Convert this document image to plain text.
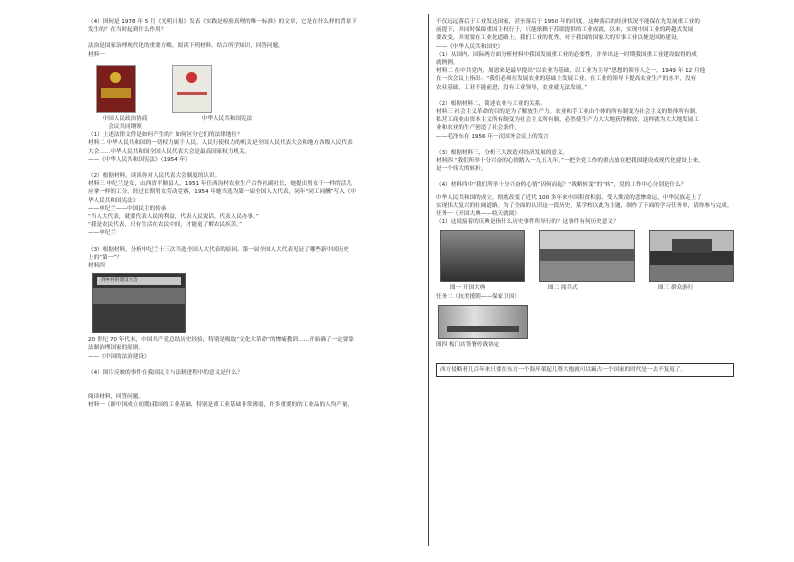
（4）因何是 1978 年 5 月《光明日报》发表《实践是检验真理的唯一标准》的文章，它是在什么样的背景下

发生的？在当时起到什么作用？

法治是国家治理现代化的重要方略。阅读下列材料，结合所学知识，回答问题。

材料一

中国人民政治协商

会议共同纲领

中华人民共和国宪法

（1）上述法律文件是如何产生的？如何区分它们的法律地位？

材料二 中华人民共和国的一切权力属于人民。人民行使权力的机关是全国人民代表大会和地方各级人民代表

大会……中华人民共和国全国人民代表大会是最高国家权力机关。

——《中华人民共和国宪法》（1954 年）

（2）根据材料，谈谈你对人民代表大会制度的认识。

材料三 申纪兰是女，山西省平顺县人，1951 年任西沟村农业生产合作社副社长，她提出男女干一样的活儿

应拿一样的工分，经过长期男女劳动竞赛，1954 年她当选为第一届全国人大代表，同年“同工同酬”写入《中

华人民共和国宪法》

——申纪兰——中国民主的传承

“当人大代表，就要代表人民的利益，代表人民说话，代表人民办事。”

“我是农民代表，只有生活在农民中间，才能更了解农民疾苦。”

——申纪兰

（3）根据材料，分析申纪兰十三次当选全国人大代表的原因。第一届全国人大代表见证了哪些新中国历史

上的“第一”？

材料四

到乡村的建设大会

20 世纪 70 年代末，中国共产党总结历史经验，特别是吸取“文化大革命”的惨痛教训……开始确了一定要靠

法制治理国家的原则。

——《中国的法治建设》

（4）图片反映的事件在我国民主与法制进程中的意义是什么？

阅读材料，回答问题。

材料一（新中国成立初期)我国的工业基础，特别是重工业基础非常薄弱，许多重要的的工业品的人均产量，

不仅远远落后于工业发达国家，甚至落后于 1950 年的印度。这种落后的经济状况不能保在先发展重工业的

前提下，并同时保障重国主权行于，只能依赖于苏联提供的工业成就，以本，实现中国工业的跨越式发展

要改变，并需要在工业化道路上，我们工业的优秀，对于我国的国家大的军事工业以便是国防建设。

——《中华人民共和国史》

（1）从国内、国际两方面分析材料中我国发展重工业的必要性，并举出这一时期我国重工业建设取得的成

就例例。

材料二 在中共党内，周恩来是最早提出“以农业为基础，以工业为主导”思想的领导人之一。1949 年 12 月他

在一次会议上指出：“我们必须在发展农业的基础上发展工业，在工业的领导下提高农业生产的水平，没有

农业基础，工业不能前进；没有工业领导，农业就无法发展。”

（2）根据材料二，简述农业与工业的关系。

材料三 社会主义革命的目的是为了解放生产力。农业和手工业由个体的所有制变为社会主义的集体所有制，

私营工商业由资本主义所有制变为社会主义所有制，必然使生产力大大地获得解放，这样就为大大地发展工

业和农业的生产创造了社会条件。

——毛泽东在 1956 年一次国务会议上的发言

（3）根据材料三，分析三大改造对经济发展的意义。

材料四 “我们所举十分兴奋的心情踏入一九五九年，”一把全党工作的重点放在把我国建设成现代化建设上来，

是一个伟大的转折。

（4）材料四中“我们所举十分兴奋的心情”因何而起？“战略转变”的“转”，党的工作中心分别是什么？

中华人民共和国的成立，彻底改变了近代 100 多年来中国积贫积弱、受人欺凌的悲惨命运，中华民族走上了

实现伟大复兴的壮阔道路。为了全面的认识这一段历史，某学校以此为主题，制作了下面的学习任务单，请你参与完成。

任务一（开国大典——收天就阅）

（1）这说接着的庆典是指什么历史事件所举行的？这事件有何历史意义？

图一 开国大典	图二 阅兵式	图三 群众游行

任务二（抗美援朝——保家卫国）

图四 板门店签署停战协定

西方侵略者几百年来只要在东方一个海岸架起几尊大炮就可以霸占一个国家的时代是一去不复返了。
